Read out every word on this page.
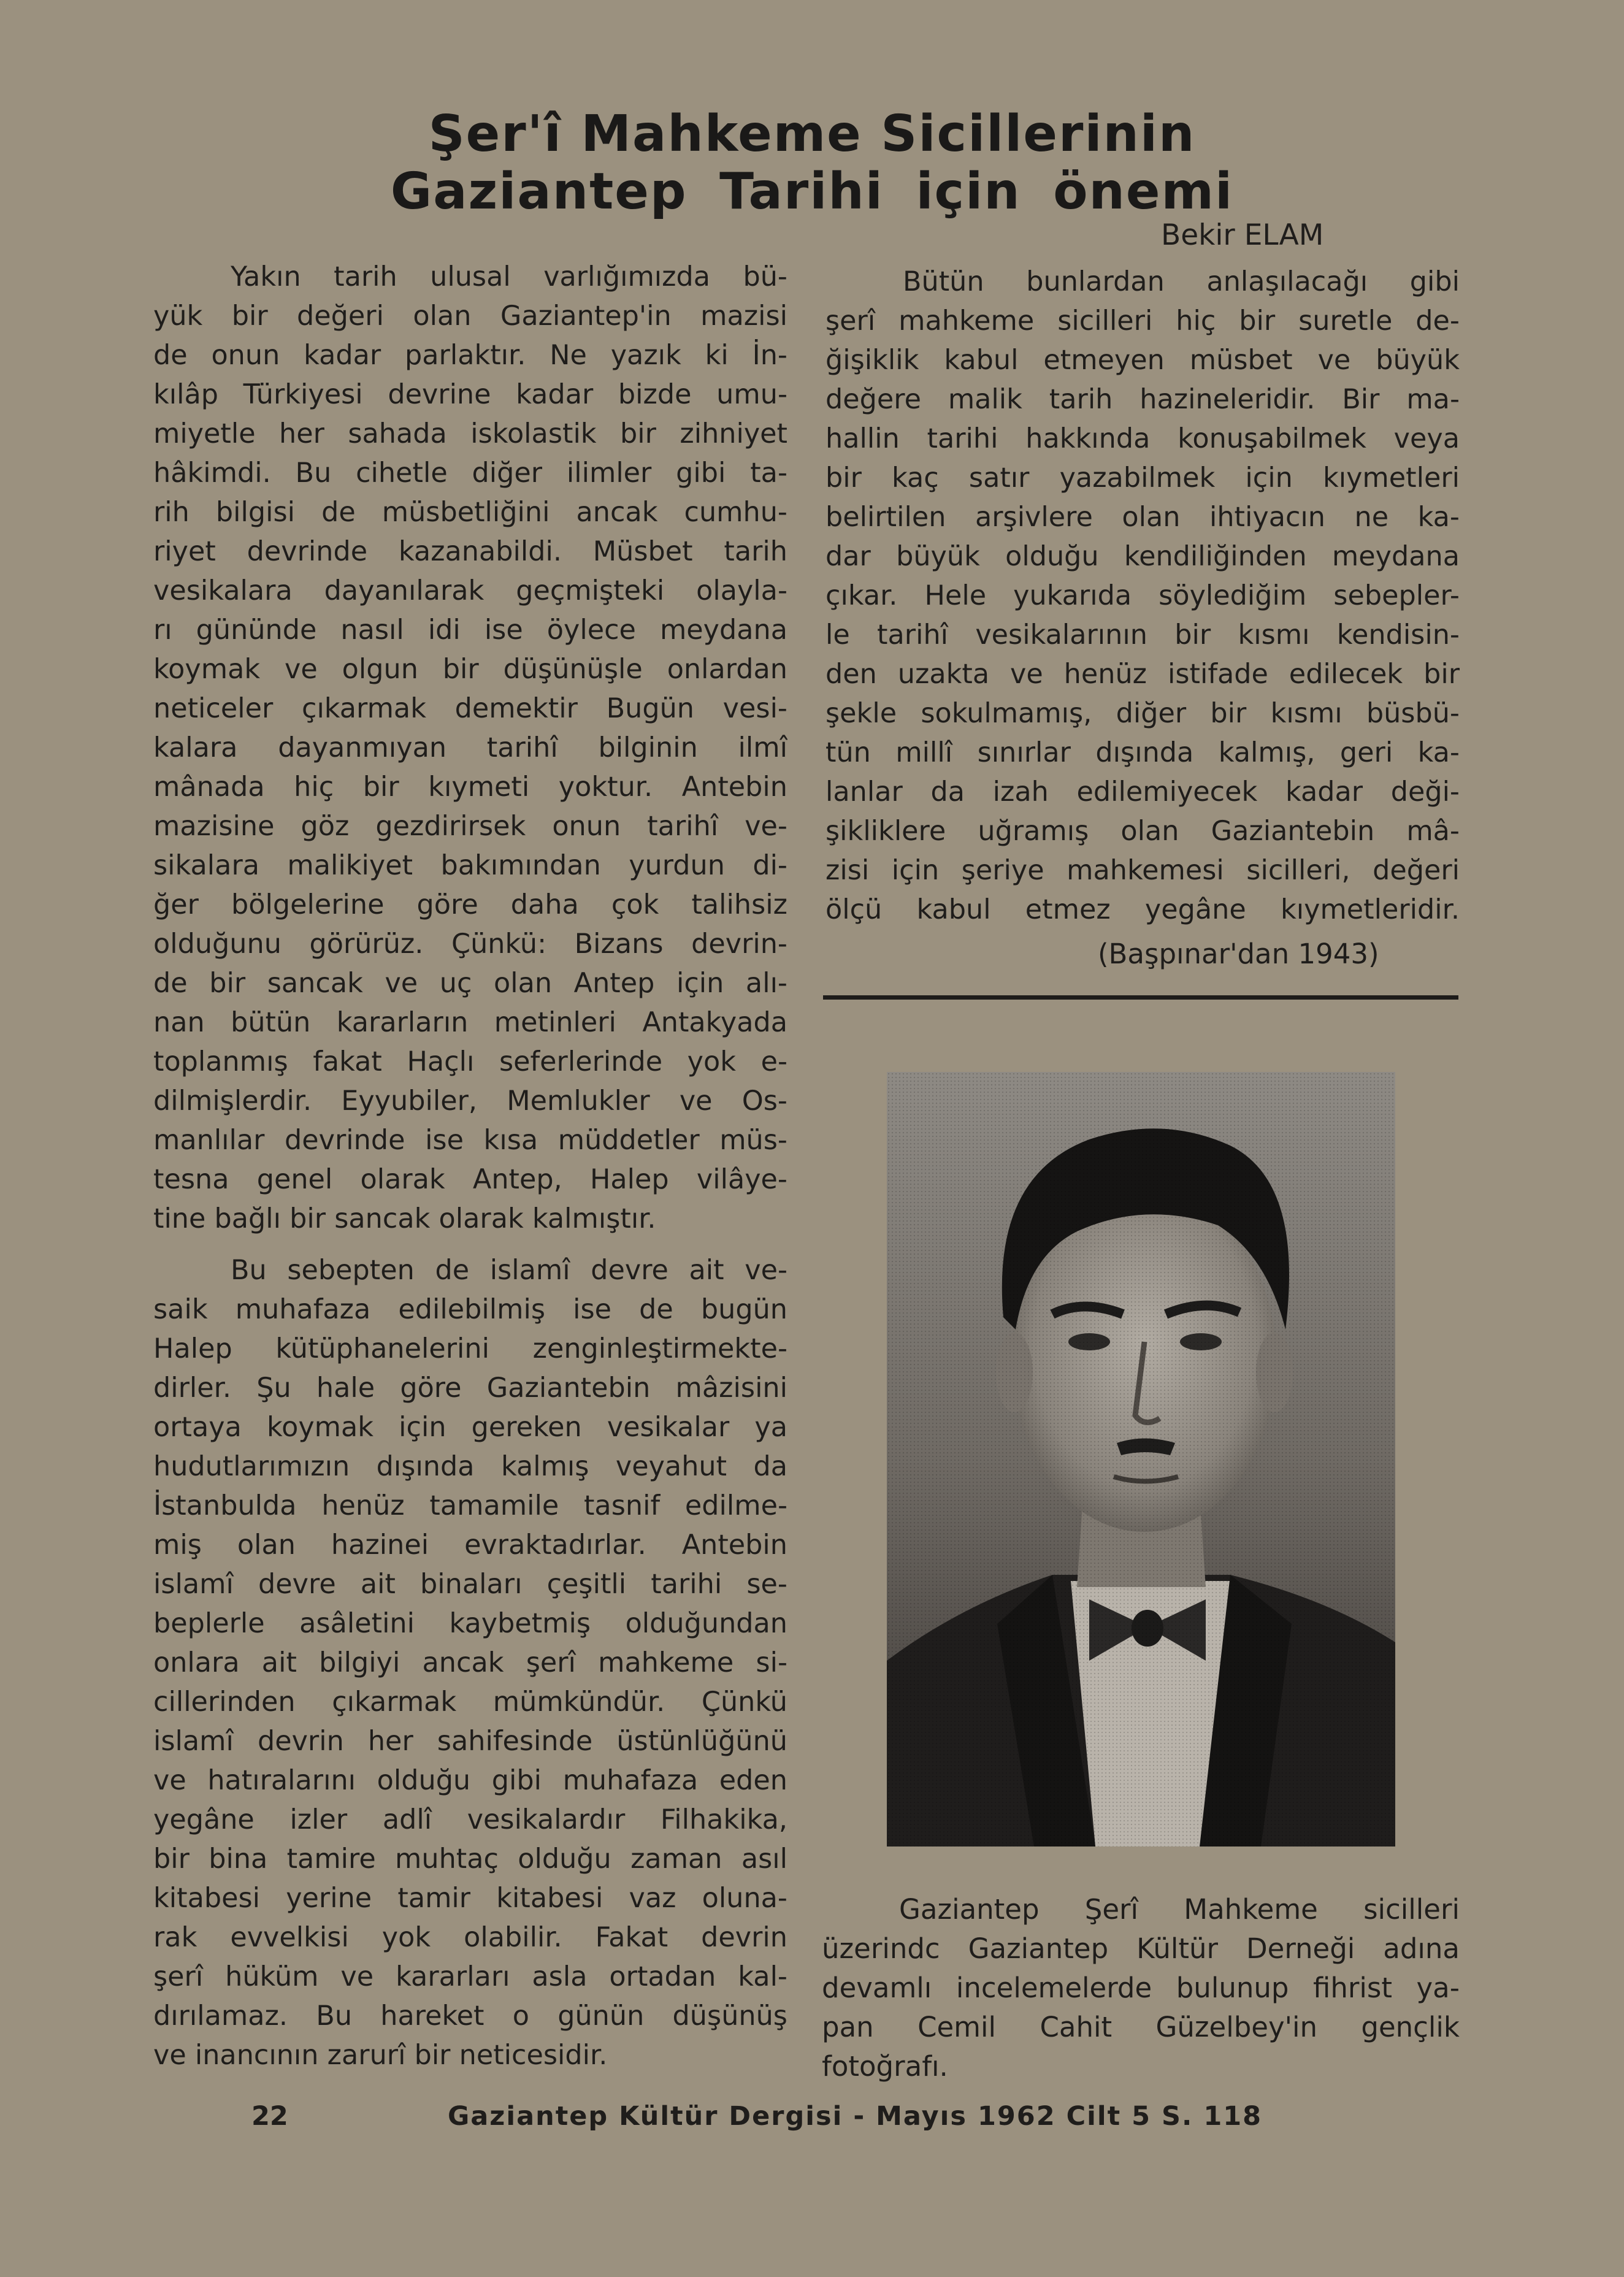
Şer'î Mahkeme Sicillerinin
Gaziantep Tarihi için önemi
Bekir ELAM
Yakın tarih ulusal varlığımızda bü-
yük bir değeri olan Gaziantep'in mazisi
de onun kadar parlaktır. Ne yazık ki İn-
kılâp Türkiyesi devrine kadar bizde umu-
miyetle her sahada iskolastik bir zihniyet
hâkimdi. Bu cihetle diğer ilimler gibi ta-
rih bilgisi de müsbetliğini ancak cumhu-
riyet devrinde kazanabildi. Müsbet tarih
vesikalara dayanılarak geçmişteki olayla-
rı gününde nasıl idi ise öylece meydana
koymak ve olgun bir düşünüşle onlardan
neticeler çıkarmak demektir Bugün vesi-
kalara dayanmıyan tarihî bilginin ilmî
mânada hiç bir kıymeti yoktur. Antebin
mazisine göz gezdirirsek onun tarihî ve-
sikalara malikiyet bakımından yurdun di-
ğer bölgelerine göre daha çok talihsiz
olduğunu görürüz. Çünkü: Bizans devrin-
de bir sancak ve uç olan Antep için alı-
nan bütün kararların metinleri Antakyada
toplanmış fakat Haçlı seferlerinde yok e-
dilmişlerdir. Eyyubiler, Memlukler ve Os-
manlılar devrinde ise kısa müddetler müs-
tesna genel olarak Antep, Halep vilâye-
tine bağlı bir sancak olarak kalmıştır.
Bu sebepten de islamî devre ait ve-
saik muhafaza edilebilmiş ise de bugün
Halep kütüphanelerini zenginleştirmekte-
dirler. Şu hale göre Gaziantebin mâzisini
ortaya koymak için gereken vesikalar ya
hudutlarımızın dışında kalmış veyahut da
İstanbulda henüz tamamile tasnif edilme-
miş olan hazinei evraktadırlar. Antebin
islamî devre ait binaları çeşitli tarihi se-
beplerle asâletini kaybetmiş olduğundan
onlara ait bilgiyi ancak şerî mahkeme si-
cillerinden çıkarmak mümkündür. Çünkü
islamî devrin her sahifesinde üstünlüğünü
ve hatıralarını olduğu gibi muhafaza eden
yegâne izler adlî vesikalardır Filhakika,
bir bina tamire muhtaç olduğu zaman asıl
kitabesi yerine tamir kitabesi vaz oluna-
rak evvelkisi yok olabilir. Fakat devrin
şerî hüküm ve kararları asla ortadan kal-
dırılamaz. Bu hareket o günün düşünüş
ve inancının zarurî bir neticesidir.
Bütün bunlardan anlaşılacağı gibi
şerî mahkeme sicilleri hiç bir suretle de-
ğişiklik kabul etmeyen müsbet ve büyük
değere malik tarih hazineleridir. Bir ma-
hallin tarihi hakkında konuşabilmek veya
bir kaç satır yazabilmek için kıymetleri
belirtilen arşivlere olan ihtiyacın ne ka-
dar büyük olduğu kendiliğinden meydana
çıkar. Hele yukarıda söylediğim sebepler-
le tarihî vesikalarının bir kısmı kendisin-
den uzakta ve henüz istifade edilecek bir
şekle sokulmamış, diğer bir kısmı büsbü-
tün millî sınırlar dışında kalmış, geri ka-
lanlar da izah edilemiyecek kadar deği-
şikliklere uğramış olan Gaziantebin mâ-
zisi için şeriye mahkemesi sicilleri, değeri
ölçü kabul etmez yegâne kıymetleridir.
(Başpınar'dan 1943)
Gaziantep Şerî Mahkeme sicilleri
üzerindc Gaziantep Kültür Derneği adına
devamlı incelemelerde bulunup fihrist ya-
pan Cemil Cahit Güzelbey'in gençlik
fotoğrafı.
22	Gaziantep Kültür Dergisi - Mayıs 1962 Cilt 5 S. 118
